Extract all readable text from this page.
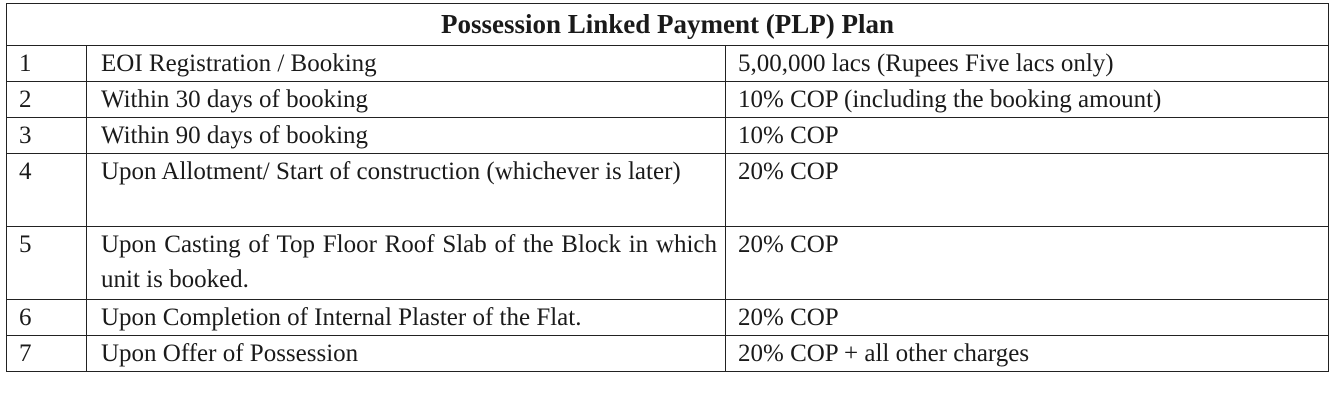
Possession Linked Payment (PLP) Plan		
1	EOI Registration / Booking	5,00,000 lacs (Rupees Five lacs only)
2	Within 30 days of booking	10% COP (including the booking amount)
3	Within 90 days of booking	10% COP
4	Upon Allotment/ Start of construction (whichever is later)	20% COP
5	Upon Casting of Top Floor Roof Slab of the Block in which unit is booked.	20% COP
6	Upon Completion of Internal Plaster of the Flat.	20% COP
7	Upon Offer of Possession	20% COP + all other charges
